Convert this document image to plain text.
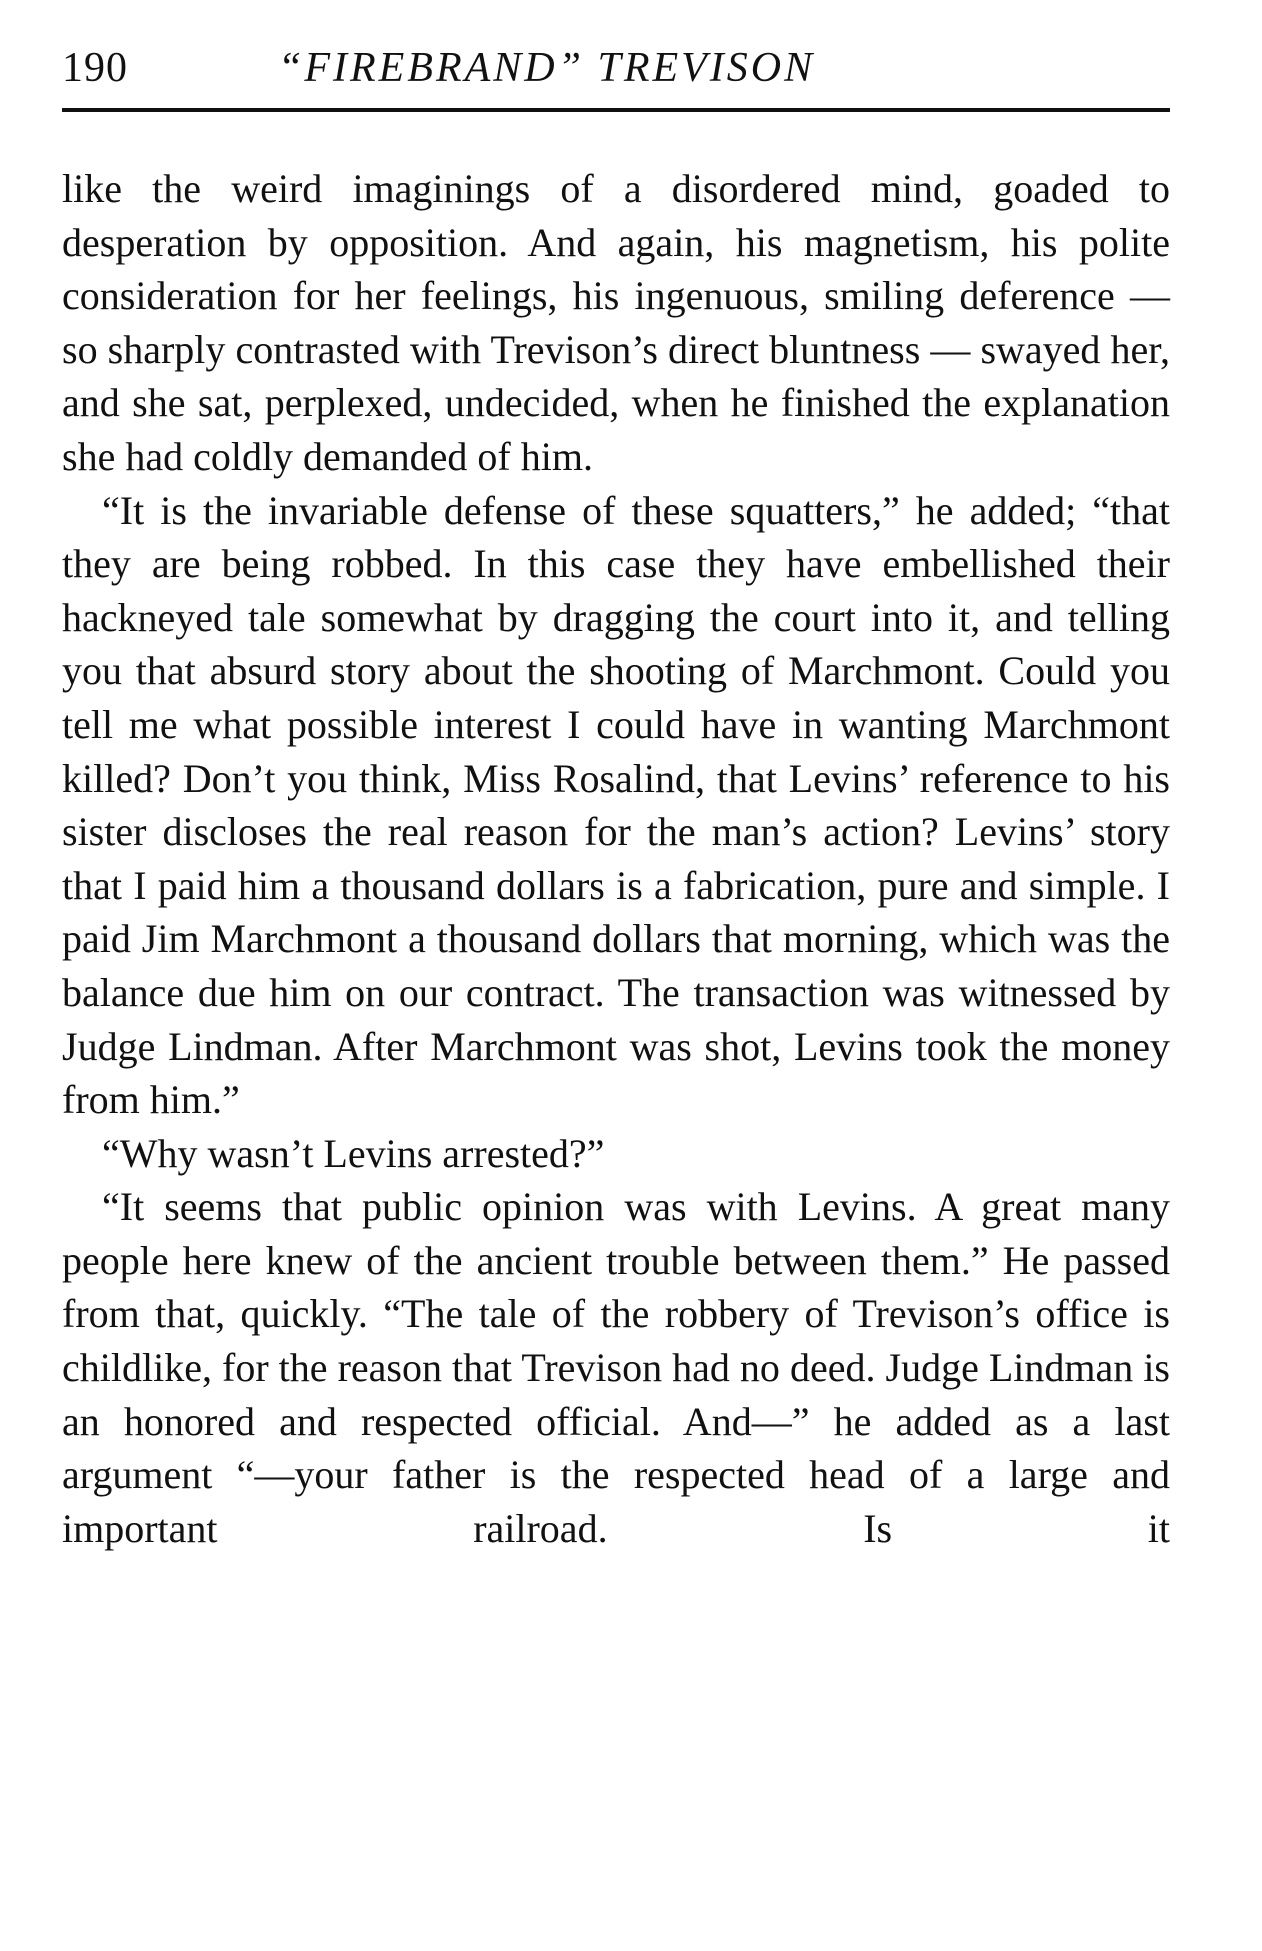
190	“FIREBRAND” TREVISON

like the weird imaginings of a disordered mind, goaded to desperation by opposition. And again, his magnetism, his polite consideration for her feelings, his ingenuous, smiling deference — so sharply contrasted with Trevison’s direct bluntness — swayed her, and she sat, perplexed, undecided, when he finished the explanation she had coldly demanded of him.

“It is the invariable defense of these squatters,” he added; “that they are being robbed. In this case they have embellished their hackneyed tale somewhat by dragging the court into it, and telling you that absurd story about the shooting of Marchmont. Could you tell me what possible interest I could have in wanting Marchmont killed? Don’t you think, Miss Rosalind, that Levins’ reference to his sister discloses the real reason for the man’s action? Levins’ story that I paid him a thousand dollars is a fabrication, pure and simple. I paid Jim Marchmont a thousand dollars that morning, which was the balance due him on our contract. The transaction was witnessed by Judge Lindman. After Marchmont was shot, Levins took the money from him.”

“Why wasn’t Levins arrested?”

“It seems that public opinion was with Levins. A great many people here knew of the ancient trouble between them.” He passed from that, quickly. “The tale of the robbery of Trevison’s office is childlike, for the reason that Trevison had no deed. Judge Lindman is an honored and respected official. And—” he added as a last argument “—your father is the respected head of a large and important railroad. Is it
